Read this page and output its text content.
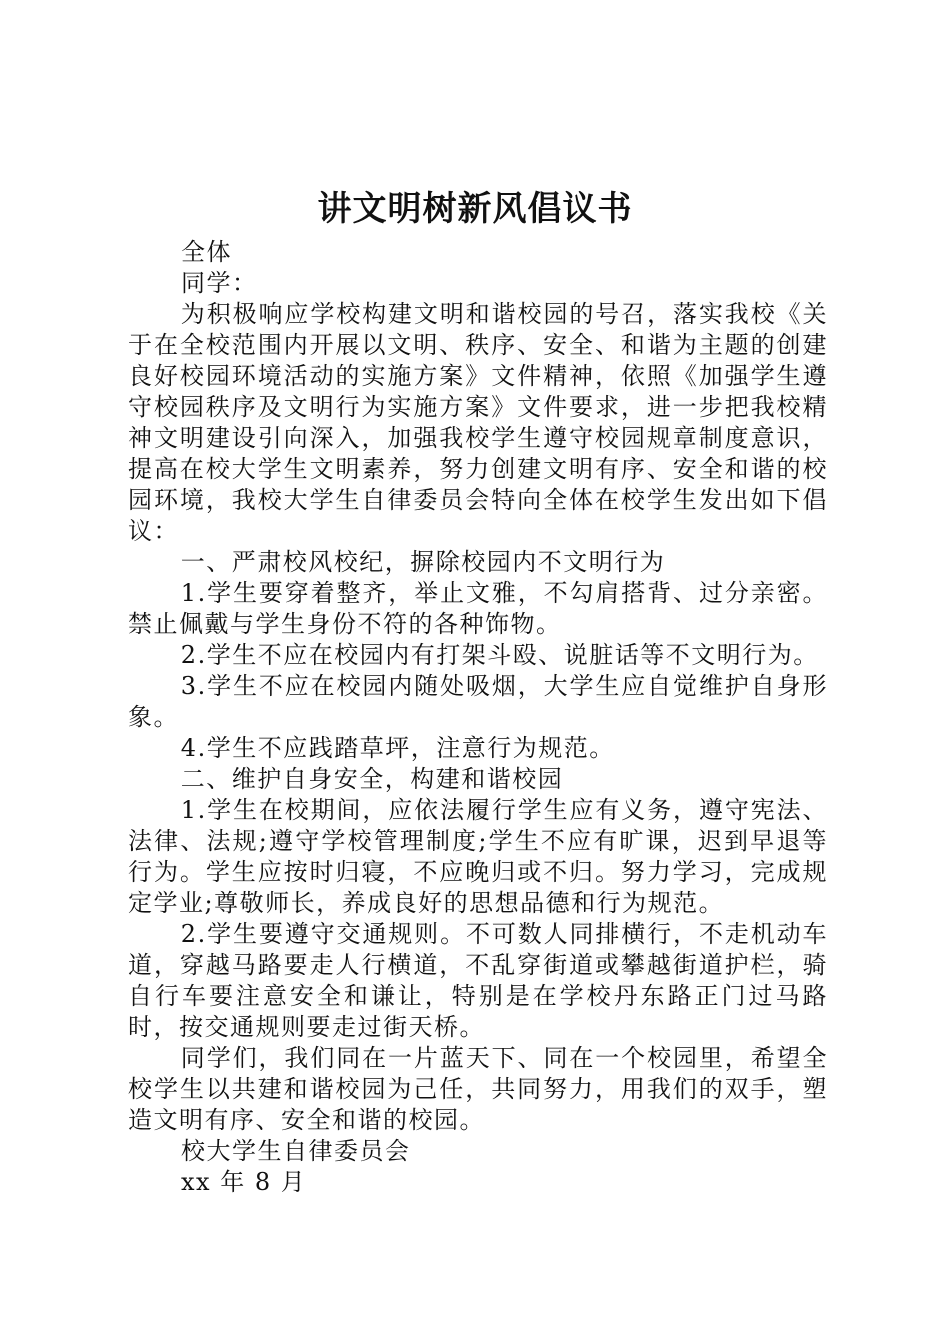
讲文明树新风倡议书

全体

同学：

为积极响应学校构建文明和谐校园的号召，落实我校《关于在全校范围内开展以文明、秩序、安全、和谐为主题的创建良好校园环境活动的实施方案》文件精神，依照《加强学生遵守校园秩序及文明行为实施方案》文件要求，进一步把我校精神文明建设引向深入，加强我校学生遵守校园规章制度意识，提高在校大学生文明素养，努力创建文明有序、安全和谐的校园环境，我校大学生自律委员会特向全体在校学生发出如下倡议：

一、严肃校风校纪，摒除校园内不文明行为

1.学生要穿着整齐，举止文雅，不勾肩搭背、过分亲密。禁止佩戴与学生身份不符的各种饰物。

2.学生不应在校园内有打架斗殴、说脏话等不文明行为。

3.学生不应在校园内随处吸烟，大学生应自觉维护自身形象。

4.学生不应践踏草坪，注意行为规范。

二、维护自身安全，构建和谐校园

1.学生在校期间，应依法履行学生应有义务，遵守宪法、法律、法规;遵守学校管理制度;学生不应有旷课，迟到早退等行为。学生应按时归寝，不应晚归或不归。努力学习，完成规定学业;尊敬师长，养成良好的思想品德和行为规范。

2.学生要遵守交通规则。不可数人同排横行，不走机动车道，穿越马路要走人行横道，不乱穿街道或攀越街道护栏，骑自行车要注意安全和谦让，特别是在学校丹东路正门过马路时，按交通规则要走过街天桥。

同学们，我们同在一片蓝天下、同在一个校园里，希望全校学生以共建和谐校园为己任，共同努力，用我们的双手，塑造文明有序、安全和谐的校园。

校大学生自律委员会

xx 年 8 月
